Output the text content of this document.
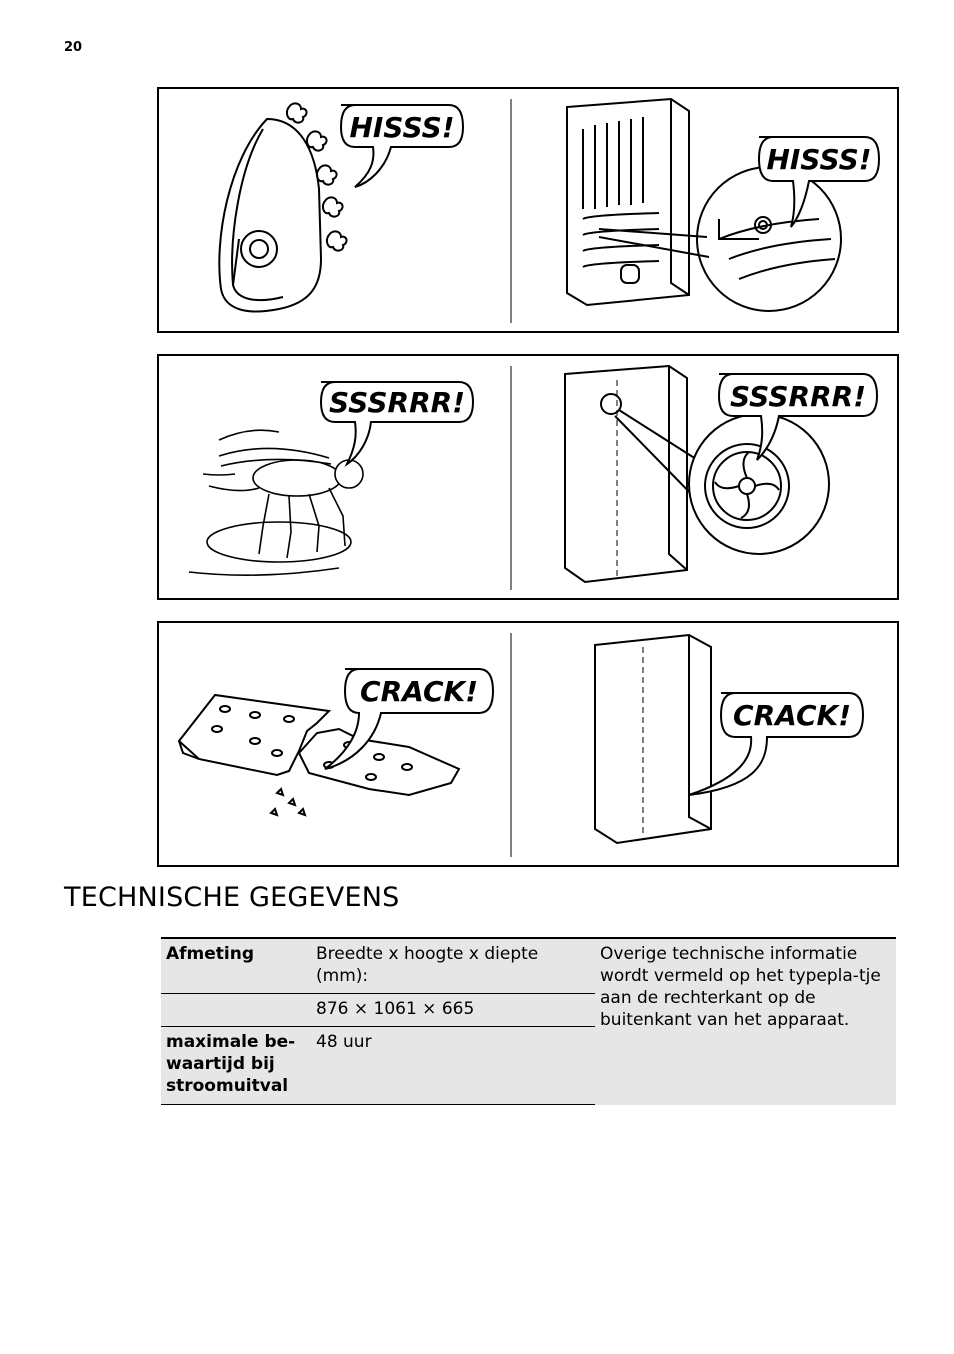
20
HISSS!
HISSS!
SSSRRR!	SSSRRR!
CRACK!
CRACK!
TECHNISCHE GEGEVENS
Afmeting	Breedte x hoogte x diepte (mm):	Overige technische informatie wordt vermeld op het typepla-tje aan de rechterkant op de buitenkant van het apparaat.
	876 × 1061 × 665	
maximale be-waartijd bij stroomuitval	48 uur	
